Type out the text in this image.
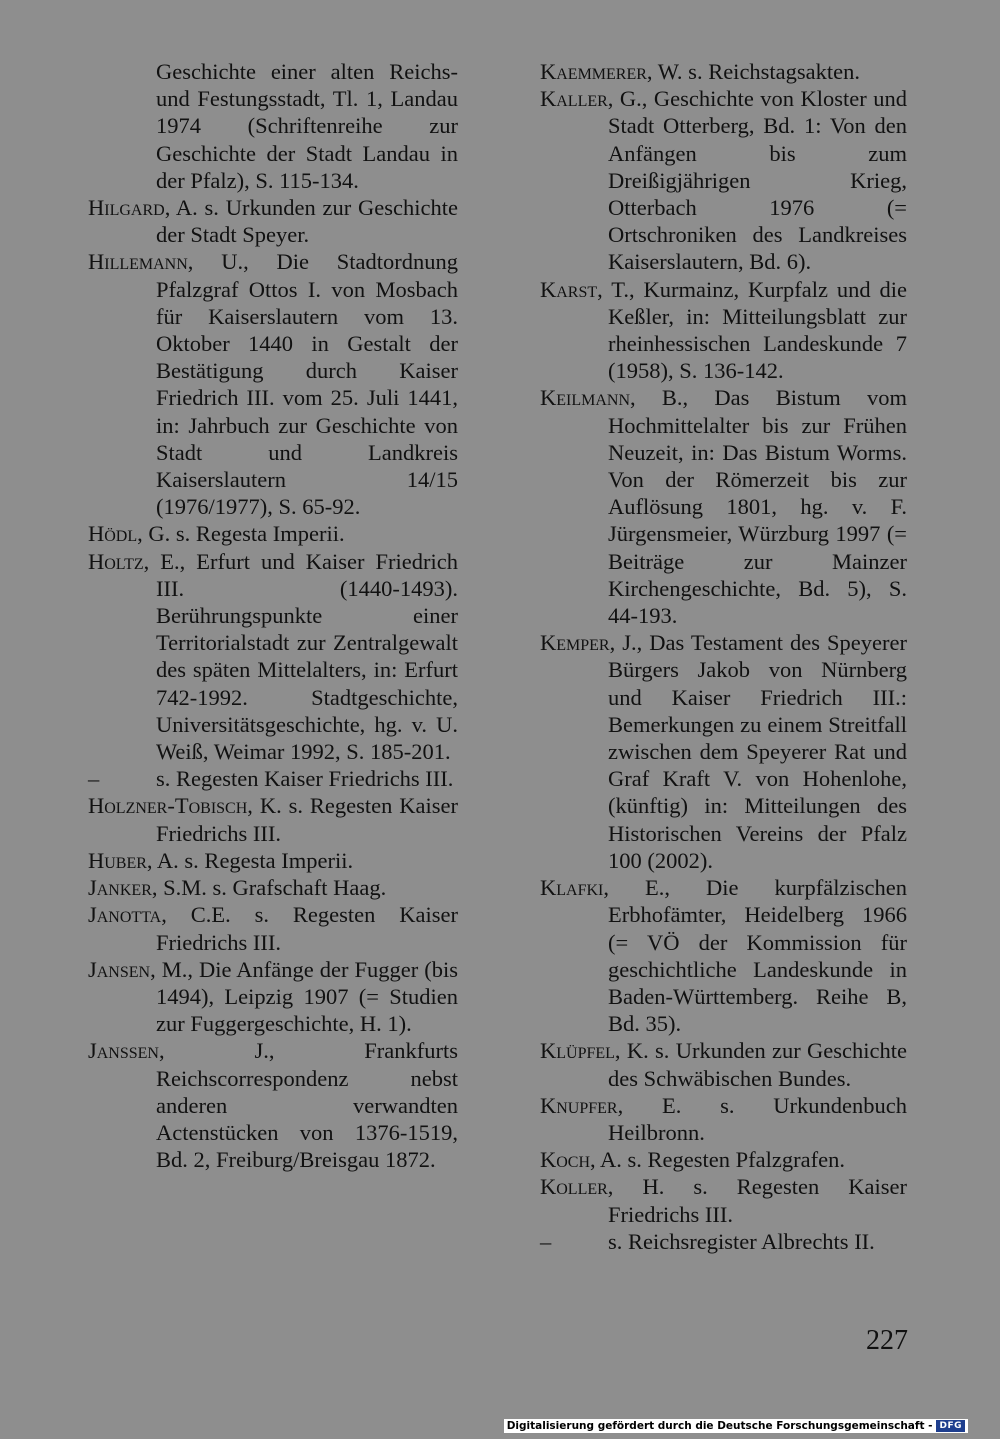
Geschichte einer alten Reichs-und Festungsstadt, Tl. 1, Landau 1974 (Schriftenreihe zur Geschichte der Stadt Landau in der Pfalz), S. 115-134.

Hilgard, A. s. Urkunden zur Geschichte der Stadt Speyer.

Hillemann, U., Die Stadtordnung Pfalzgraf Ottos I. von Mosbach für Kaiserslautern vom 13. Oktober 1440 in Gestalt der Bestätigung durch Kaiser Friedrich III. vom 25. Juli 1441, in: Jahrbuch zur Geschichte von Stadt und Landkreis Kaiserslautern 14/15 (1976/1977), S. 65-92.

Hödl, G. s. Regesta Imperii.

Holtz, E., Erfurt und Kaiser Friedrich III. (1440-1493). Berührungspunkte einer Territorialstadt zur Zentralgewalt des späten Mittelalters, in: Erfurt 742-1992. Stadtgeschichte, Universitätsgeschichte, hg. v. U. Weiß, Weimar 1992, S. 185-201.

–	s. Regesten Kaiser Friedrichs III.

Holzner-Tobisch, K. s. Regesten Kaiser Friedrichs III.

Huber, A. s. Regesta Imperii.

Janker, S.M. s. Grafschaft Haag.

Janotta, C.E. s. Regesten Kaiser Friedrichs III.

Jansen, M., Die Anfänge der Fugger (bis 1494), Leipzig 1907 (= Studien zur Fuggergeschichte, H. 1).

Janssen, J., Frankfurts Reichscorrespondenz nebst anderen verwandten Actenstücken von 1376-1519, Bd. 2, Freiburg/Breisgau 1872.

Kaemmerer, W. s. Reichstagsakten.

Kaller, G., Geschichte von Kloster und Stadt Otterberg, Bd. 1: Von den Anfängen bis zum Dreißigjährigen Krieg, Otterbach 1976 (= Ortschroniken des Landkreises Kaiserslautern, Bd. 6).

Karst, T., Kurmainz, Kurpfalz und die Keßler, in: Mitteilungsblatt zur rheinhessischen Landeskunde 7 (1958), S. 136-142.

Keilmann, B., Das Bistum vom Hochmittelalter bis zur Frühen Neuzeit, in: Das Bistum Worms. Von der Römerzeit bis zur Auflösung 1801, hg. v. F. Jürgensmeier, Würzburg 1997 (= Beiträge zur Mainzer Kirchengeschichte, Bd. 5), S. 44-193.

Kemper, J., Das Testament des Speyerer Bürgers Jakob von Nürnberg und Kaiser Friedrich III.: Bemerkungen zu einem Streitfall zwischen dem Speyerer Rat und Graf Kraft V. von Hohenlohe, (künftig) in: Mitteilungen des Historischen Vereins der Pfalz 100 (2002).

Klafki, E., Die kurpfälzischen Erbhofämter, Heidelberg 1966 (= VÖ der Kommission für geschichtliche Landeskunde in Baden-Württemberg. Reihe B, Bd. 35).

Klüpfel, K. s. Urkunden zur Geschichte des Schwäbischen Bundes.

Knupfer, E. s. Urkundenbuch Heilbronn.

Koch, A. s. Regesten Pfalzgrafen.

Koller, H. s. Regesten Kaiser Friedrichs III.

–	s. Reichsregister Albrechts II.

227
Digitalisierung gefördert durch die Deutsche Forschungsgemeinschaft - DFG
